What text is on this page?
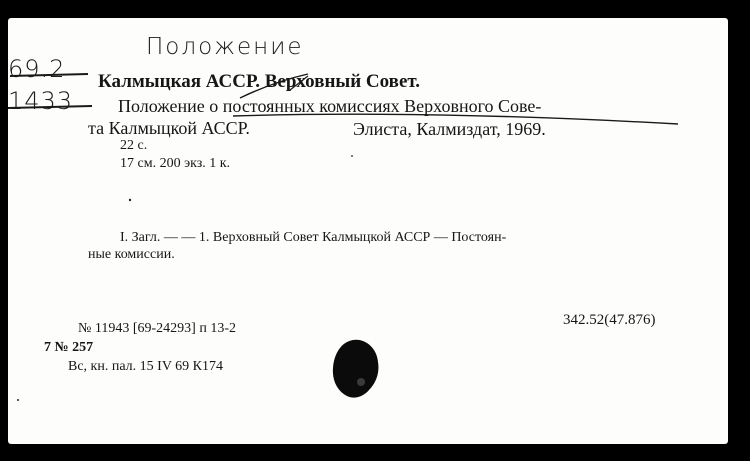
Положение
69.2
1433
Калмыцкая АССР. Верховный Совет.
Положение о постоянных комиссиях Верховного Сове-
та Калмыцкой АССР.	Элиста, Калмиздат, 1969.
22 с.
17 см. 200 экз. 1 к.
I. Загл. — — 1. Верховный Совет Калмыцкой АССР — Постоян-
ные комиссии.
342.52(47.876)
№ 11943 [69-24293] п 13-2
7 № 257
Вс, кн. пал. 15 IV 69 К174
